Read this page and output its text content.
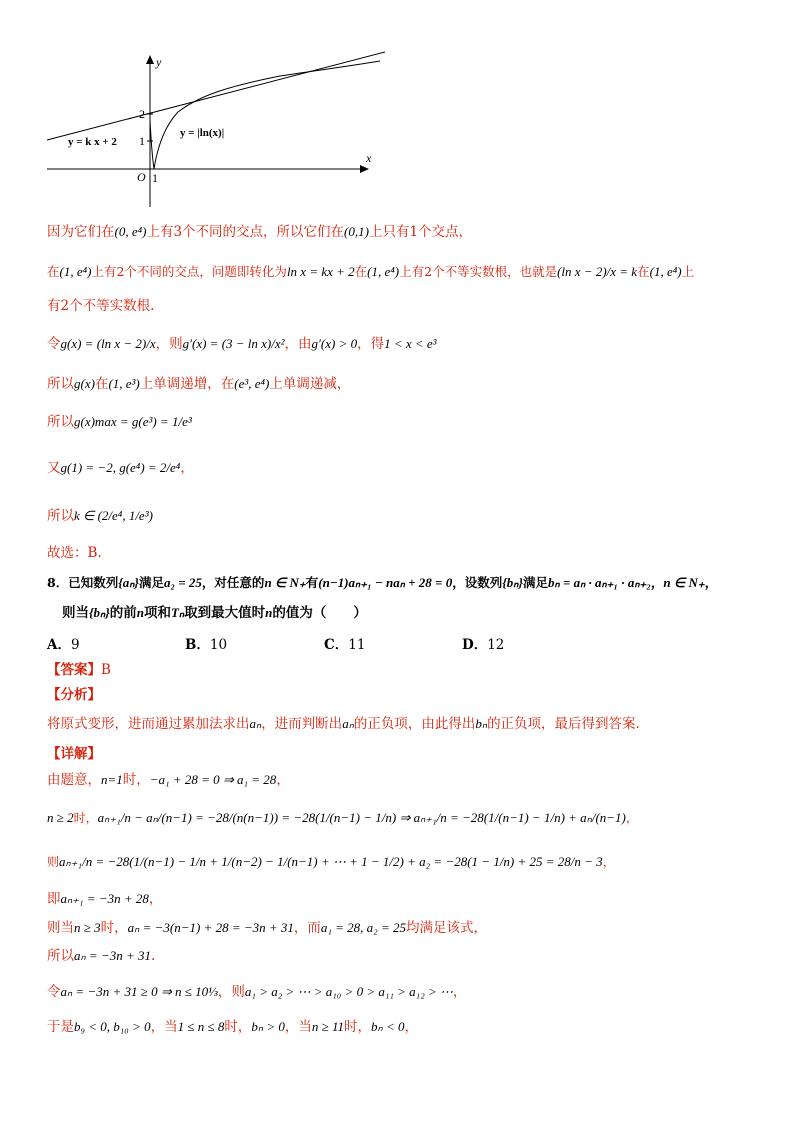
y
x
O 1
2
1
y = k x + 2
y = |ln(x)|
因为它们在(0, e⁴)上有3个不同的交点，所以它们在(0,1)上只有1个交点，
在(1, e⁴)上有2个不同的交点，问题即转化为ln x = kx + 2在(1, e⁴)上有2个不等实数根，也就是(ln x − 2)/x = k在(1, e⁴)上
有2个不等实数根.
令g(x) = (ln x − 2)/x，则g′(x) = (3 − ln x)/x²，由g′(x) > 0，得1 < x < e³
所以g(x)在(1, e³)上单调递增，在(e³, e⁴)上单调递减，
所以g(x)max = g(e³) = 1/e³
又g(1) = −2, g(e⁴) = 2/e⁴，
所以k ∈ (2/e⁴, 1/e³)
故选：B.
8．已知数列{aₙ}满足a₂ = 25，对任意的n ∈ N₊有(n−1)aₙ₊₁ − naₙ + 28 = 0，设数列{bₙ}满足bₙ = aₙ · aₙ₊₁ · aₙ₊₂，n ∈ N₊，
则当{bₙ}的前n项和Tₙ取到最大值时n的值为（　　）
A．9	B．10	C．11	D．12
【答案】B
【分析】
将原式变形，进而通过累加法求出aₙ，进而判断出aₙ的正负项，由此得出bₙ的正负项，最后得到答案.
【详解】
由题意，n=1时，−a₁ + 28 = 0 ⇒ a₁ = 28，
n ≥ 2时，aₙ₊₁/n − aₙ/(n−1) = −28/(n(n−1)) = −28(1/(n−1) − 1/n) ⇒ aₙ₊₁/n = −28(1/(n−1) − 1/n) + aₙ/(n−1)，
则aₙ₊₁/n = −28(1/(n−1) − 1/n + 1/(n−2) − 1/(n−1) + ⋯ + 1 − 1/2) + a₂ = −28(1 − 1/n) + 25 = 28/n − 3，
即aₙ₊₁ = −3n + 28，
则当n ≥ 3时，aₙ = −3(n−1) + 28 = −3n + 31，而a₁ = 28, a₂ = 25均满足该式，
所以aₙ = −3n + 31.
令aₙ = −3n + 31 ≥ 0 ⇒ n ≤ 10⅓，则a₁ > a₂ > ⋯ > a₁₀ > 0 > a₁₁ > a₁₂ > ⋯，
于是b₉ < 0, b₁₀ > 0，当1 ≤ n ≤ 8时，bₙ > 0，当n ≥ 11时，bₙ < 0，
